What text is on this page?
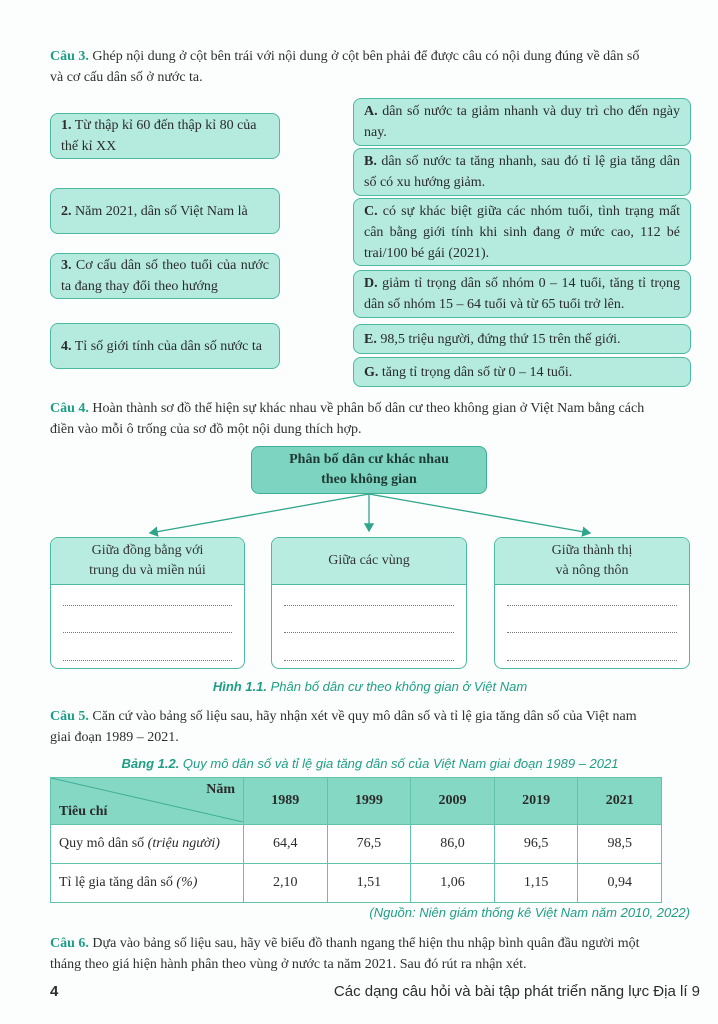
Câu 3. Ghép nội dung ở cột bên trái với nội dung ở cột bên phải để được câu có nội dung đúng về dân số
và cơ cấu dân số ở nước ta.
1. Từ thập kỉ 60 đến thập kỉ 80 của thế kỉ XX
2. Năm 2021, dân số Việt Nam là
3. Cơ cấu dân số theo tuổi của nước ta đang thay đổi theo hướng
4. Tỉ số giới tính của dân số nước ta
A. dân số nước ta giảm nhanh và duy trì cho đến ngày nay.
B. dân số nước ta tăng nhanh, sau đó tỉ lệ gia tăng dân số có xu hướng giảm.
C. có sự khác biệt giữa các nhóm tuổi, tình trạng mất cân bằng giới tính khi sinh đang ở mức cao, 112 bé trai/100 bé gái (2021).
D. giảm tỉ trọng dân số nhóm 0 – 14 tuổi, tăng tỉ trọng dân số nhóm 15 – 64 tuổi và từ 65 tuổi trở lên.
E. 98,5 triệu người, đứng thứ 15 trên thế giới.
G. tăng tỉ trọng dân số từ 0 – 14 tuổi.
Câu 4. Hoàn thành sơ đồ thể hiện sự khác nhau về phân bố dân cư theo không gian ở Việt Nam bằng cách
điền vào mỗi ô trống của sơ đồ một nội dung thích hợp.
Phân bố dân cư khác nhau
theo không gian
Giữa đồng bằng với
trung du và miền núi
Giữa các vùng
Giữa thành thị
và nông thôn
Hình 1.1. Phân bố dân cư theo không gian ở Việt Nam
Câu 5. Căn cứ vào bảng số liệu sau, hãy nhận xét về quy mô dân số và tỉ lệ gia tăng dân số của Việt nam
giai đoạn 1989 – 2021.
Bảng 1.2. Quy mô dân số và tỉ lệ gia tăng dân số của Việt Nam giai đoạn 1989 – 2021
Năm
Tiêu chí	1989	1999	2009	2019	2021
Quy mô dân số (triệu người)	64,4	76,5	86,0	96,5	98,5
Tỉ lệ gia tăng dân số (%)	2,10	1,51	1,06	1,15	0,94
(Nguồn: Niên giám thống kê Việt Nam năm 2010, 2022)
Câu 6. Dựa vào bảng số liệu sau, hãy vẽ biểu đồ thanh ngang thể hiện thu nhập bình quân đầu người một
tháng theo giá hiện hành phân theo vùng ở nước ta năm 2021. Sau đó rút ra nhận xét.
4	Các dạng câu hỏi và bài tập phát triển năng lực Địa lí 9
